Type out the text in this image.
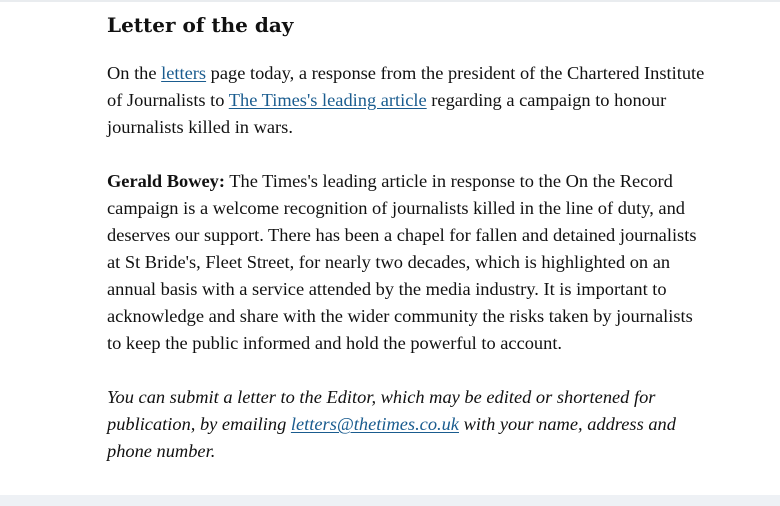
Letter of the day

On the letters page today, a response from the president of the Chartered Institute of Journalists to The Times's leading article regarding a campaign to honour journalists killed in wars.

Gerald Bowey: The Times's leading article in response to the On the Record campaign is a welcome recognition of journalists killed in the line of duty, and deserves our support. There has been a chapel for fallen and detained journalists at St Bride's, Fleet Street, for nearly two decades, which is highlighted on an annual basis with a service attended by the media industry. It is important to acknowledge and share with the wider community the risks taken by journalists to keep the public informed and hold the powerful to account.

You can submit a letter to the Editor, which may be edited or shortened for publication, by emailing letters@thetimes.co.uk with your name, address and phone number.
